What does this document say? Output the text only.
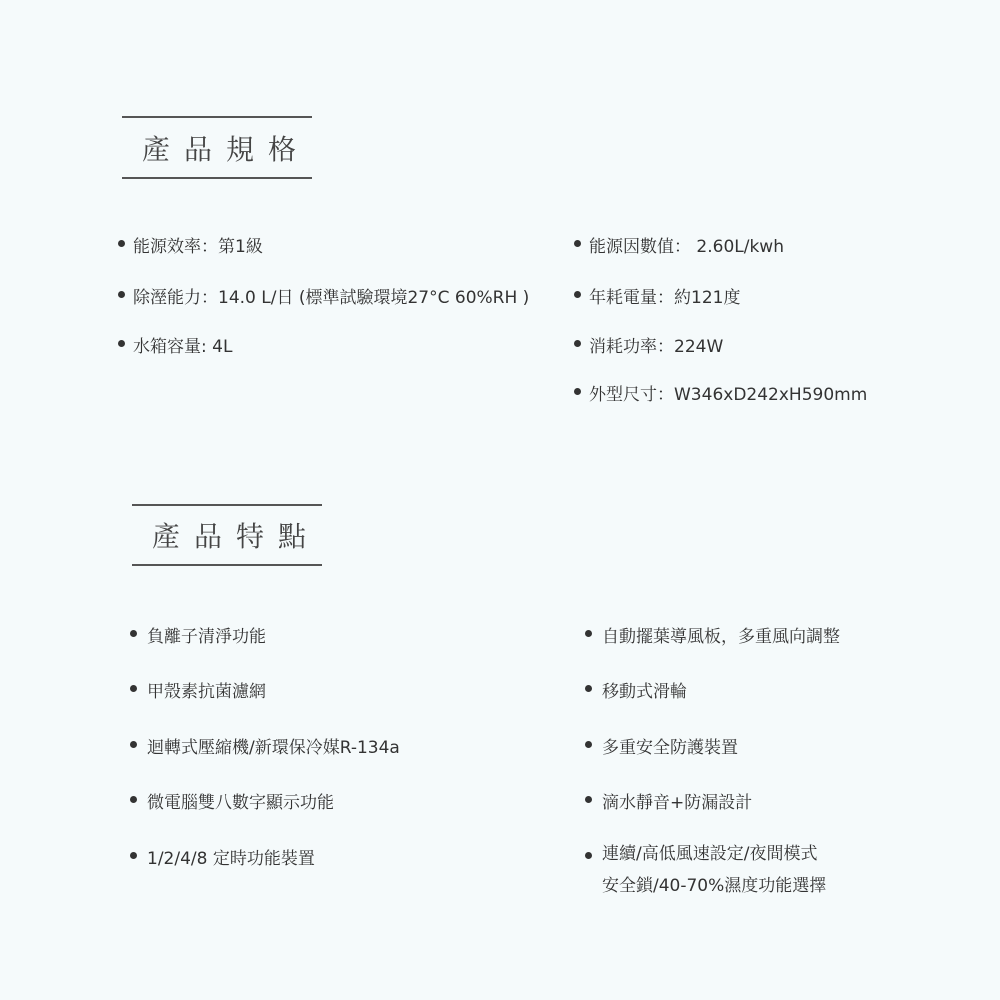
產品規格
能源效率：第1級
除溼能力：14.0 L/日 (標準試驗環境27°C 60%RH )
水箱容量: 4L
能源因數值： 2.60L/kwh
年耗電量：約121度
消耗功率：224W
外型尺寸：W346xD242xH590mm
產品特點
負離子清淨功能
甲殼素抗菌濾網
迴轉式壓縮機/新環保冷媒R-134a
微電腦雙八數字顯示功能
1/2/4/8 定時功能裝置
自動擺葉導風板，多重風向調整
移動式滑輪
多重安全防護裝置
滴水靜音+防漏設計
連續/高低風速設定/夜間模式
安全鎖/40-70%濕度功能選擇
